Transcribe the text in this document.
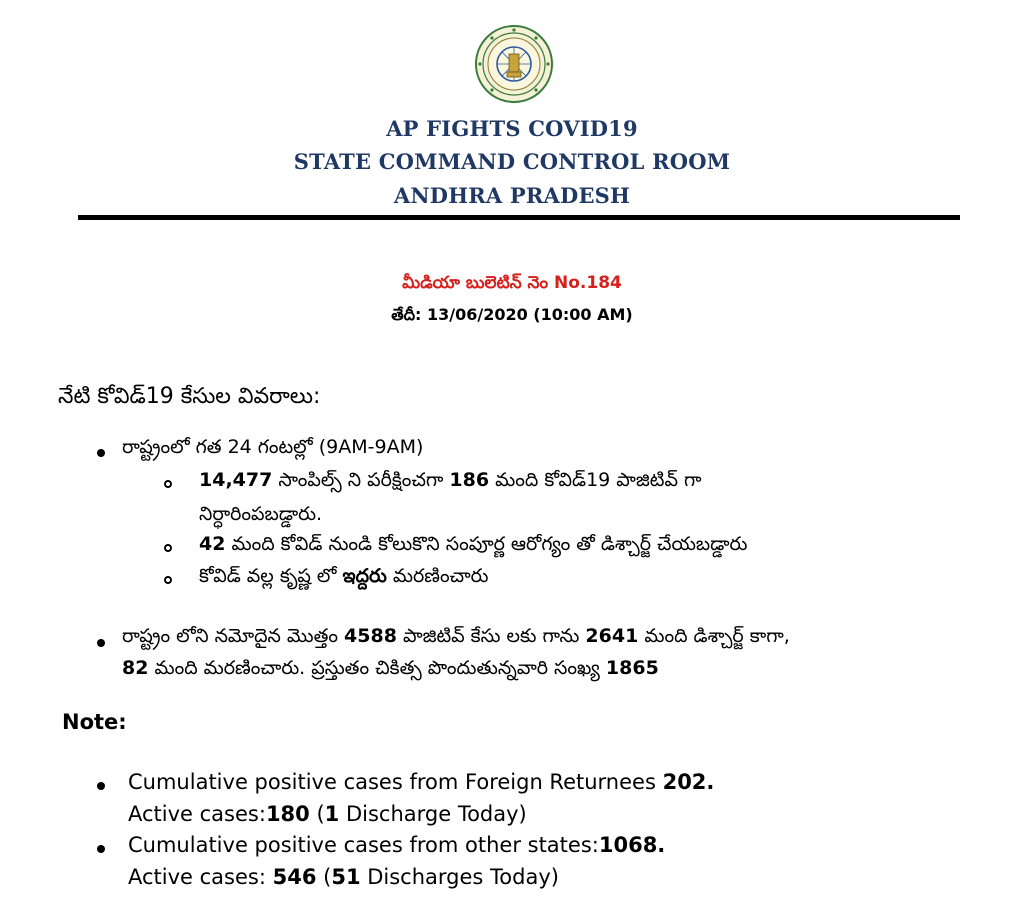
AP FIGHTS COVID19
STATE COMMAND CONTROL ROOM
ANDHRA PRADESH
మీడియా బులెటిన్ నెం No.184
తేదీ: 13/06/2020 (10:00 AM)
నేటి కోవిడ్19 కేసుల వివరాలు:
రాష్ట్రంలో గత 24 గంటల్లో (9AM-9AM)
14,477 సాంపిల్స్ ని పరీక్షించగా 186 మంది కోవిడ్19 పాజిటివ్ గా
నిర్ధారింపబడ్డారు.
42 మంది కోవిడ్ నుండి కోలుకొని సంపూర్ణ ఆరోగ్యం తో డిశ్చార్జ్ చేయబడ్డారు
కోవిడ్ వల్ల కృష్ణ లో ఇద్దరు మరణించారు
రాష్ట్రం లోని నమోదైన మొత్తం 4588 పాజిటివ్ కేసు లకు గాను 2641 మంది డిశ్చార్జ్ కాగా,
82 మంది మరణించారు. ప్రస్తుతం చికిత్స పొందుతున్నవారి సంఖ్య 1865
Note:
Cumulative positive cases from Foreign Returnees 202.
Active cases:180 (1 Discharge Today)
Cumulative positive cases from other states:1068.
Active cases: 546 (51 Discharges Today)
